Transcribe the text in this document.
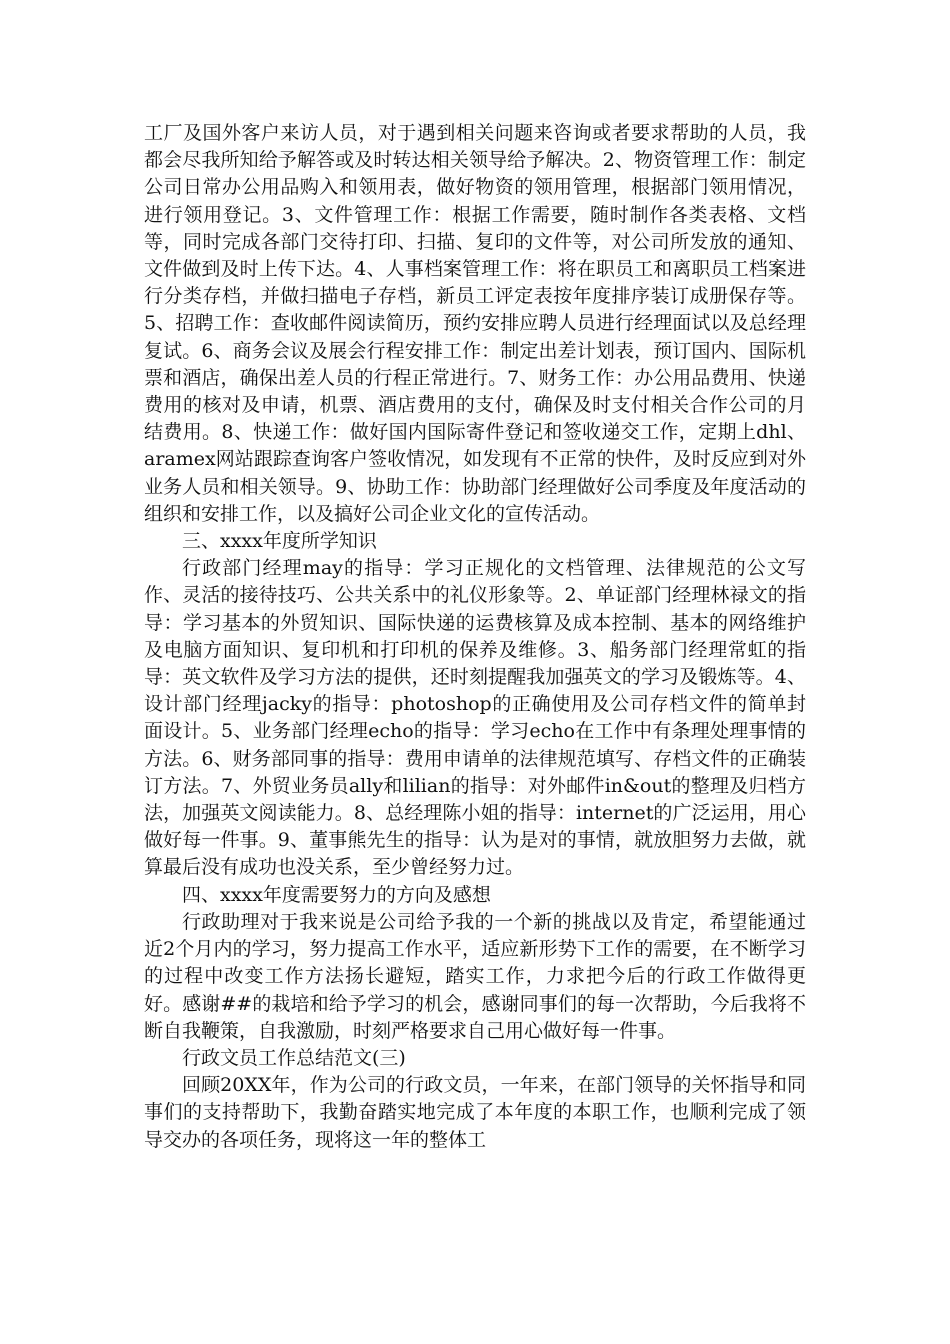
工厂及国外客户来访人员，对于遇到相关问题来咨询或者要求帮助的人员，我都会尽我所知给予解答或及时转达相关领导给予解决。2、物资管理工作：制定公司日常办公用品购入和领用表，做好物资的领用管理，根据部门领用情况，进行领用登记。3、文件管理工作：根据工作需要，随时制作各类表格、文档等，同时完成各部门交待打印、扫描、复印的文件等，对公司所发放的通知、文件做到及时上传下达。4、人事档案管理工作：将在职员工和离职员工档案进行分类存档，并做扫描电子存档，新员工评定表按年度排序装订成册保存等。5、招聘工作：查收邮件阅读简历，预约安排应聘人员进行经理面试以及总经理复试。6、商务会议及展会行程安排工作：制定出差计划表，预订国内、国际机票和酒店，确保出差人员的行程正常进行。7、财务工作：办公用品费用、快递费用的核对及申请，机票、酒店费用的支付，确保及时支付相关合作公司的月结费用。8、快递工作：做好国内国际寄件登记和签收递交工作，定期上dhl、aramex网站跟踪查询客户签收情况，如发现有不正常的快件，及时反应到对外业务人员和相关领导。9、协助工作：协助部门经理做好公司季度及年度活动的组织和安排工作，以及搞好公司企业文化的宣传活动。

三、xxxx年度所学知识

行政部门经理may的指导：学习正规化的文档管理、法律规范的公文写作、灵活的接待技巧、公共关系中的礼仪形象等。2、单证部门经理林禄文的指导：学习基本的外贸知识、国际快递的运费核算及成本控制、基本的网络维护及电脑方面知识、复印机和打印机的保养及维修。3、船务部门经理常虹的指导：英文软件及学习方法的提供，还时刻提醒我加强英文的学习及锻炼等。4、设计部门经理jacky的指导：photoshop的正确使用及公司存档文件的简单封面设计。5、业务部门经理echo的指导：学习echo在工作中有条理处理事情的方法。6、财务部同事的指导：费用申请单的法律规范填写、存档文件的正确装订方法。7、外贸业务员ally和lilian的指导：对外邮件in&out的整理及归档方法，加强英文阅读能力。8、总经理陈小姐的指导：internet的广泛运用，用心做好每一件事。9、董事熊先生的指导：认为是对的事情，就放胆努力去做，就算最后没有成功也没关系，至少曾经努力过。

四、xxxx年度需要努力的方向及感想

行政助理对于我来说是公司给予我的一个新的挑战以及肯定，希望能通过近2个月内的学习，努力提高工作水平，适应新形势下工作的需要，在不断学习的过程中改变工作方法扬长避短，踏实工作，力求把今后的行政工作做得更好。感谢##的栽培和给予学习的机会，感谢同事们的每一次帮助，今后我将不断自我鞭策，自我激励，时刻严格要求自己用心做好每一件事。

行政文员工作总结范文(三)

回顾20XX年，作为公司的行政文员，一年来，在部门领导的关怀指导和同事们的支持帮助下，我勤奋踏实地完成了本年度的本职工作，也顺利完成了领导交办的各项任务，现将这一年的整体工
